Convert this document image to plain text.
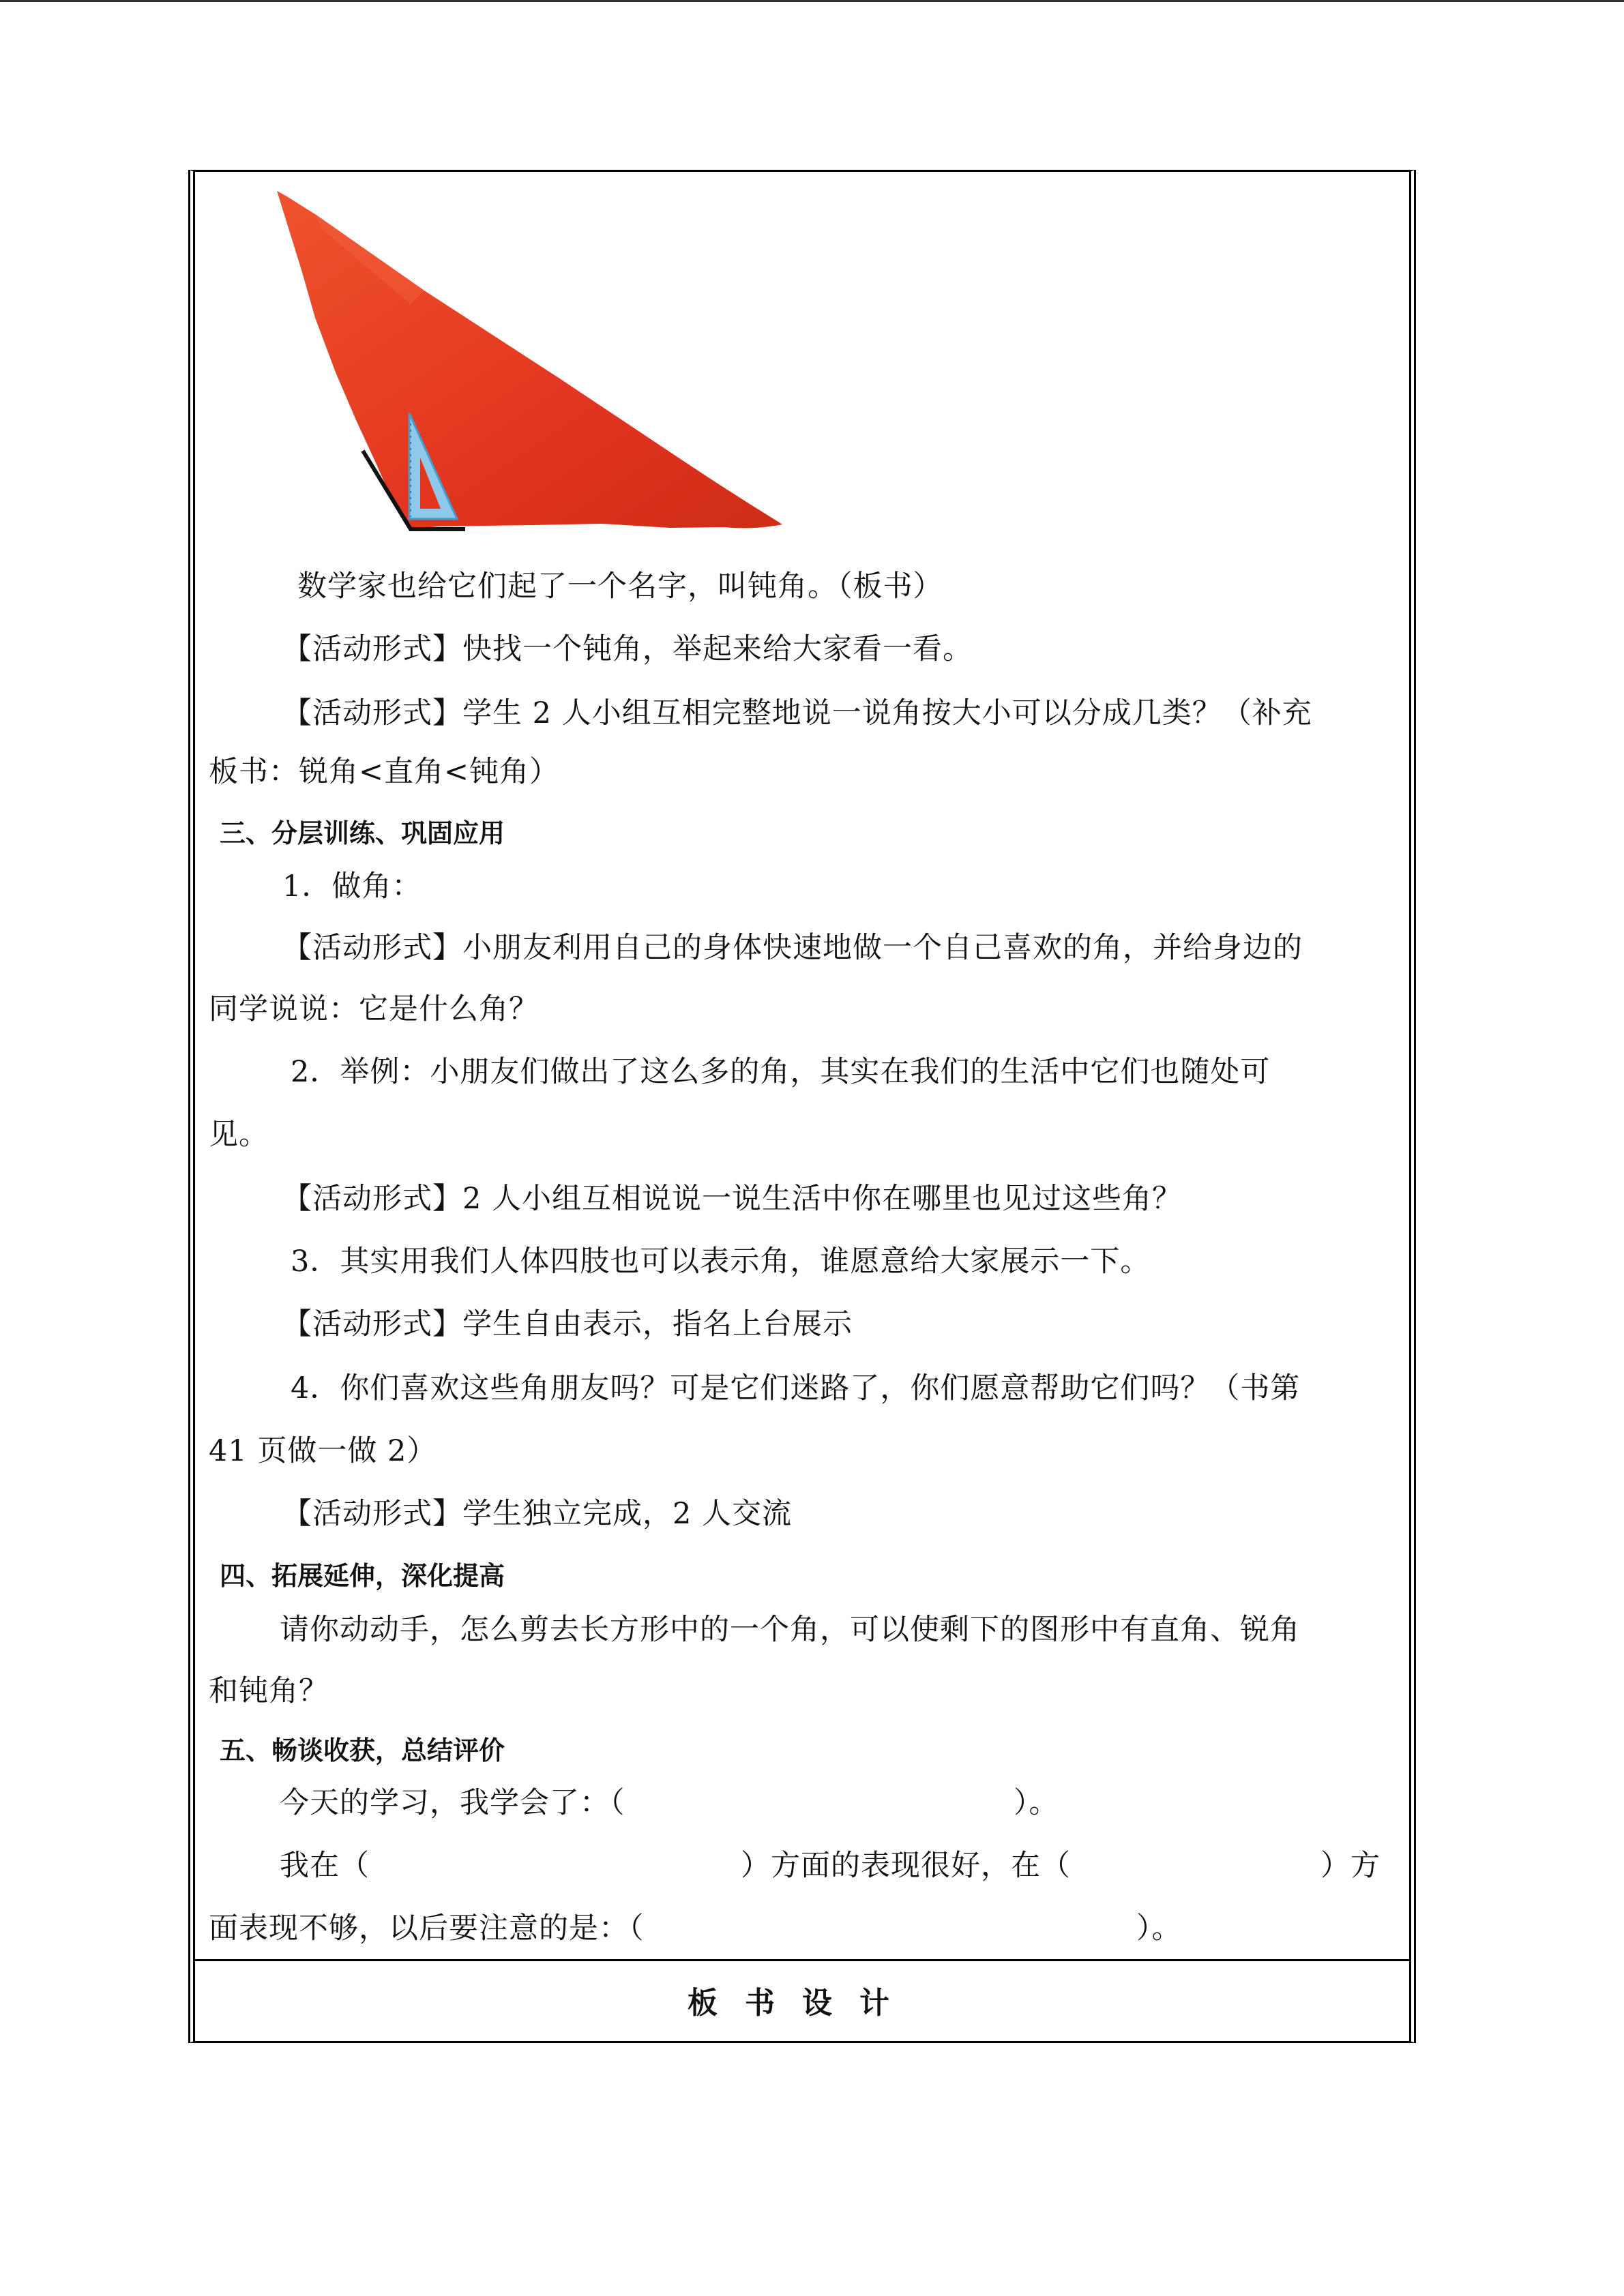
数学家也给它们起了一个名字，叫钝角。（板书）
【活动形式】快找一个钝角，举起来给大家看一看。
【活动形式】学生 2 人小组互相完整地说一说角按大小可以分成几类？（补充
板书：锐角<直角<钝角）
三、分层训练、巩固应用
1．做角：
【活动形式】小朋友利用自己的身体快速地做一个自己喜欢的角，并给身边的
同学说说：它是什么角？
2．举例：小朋友们做出了这么多的角，其实在我们的生活中它们也随处可
见。
【活动形式】2 人小组互相说说一说生活中你在哪里也见过这些角？
3．其实用我们人体四肢也可以表示角，谁愿意给大家展示一下。
【活动形式】学生自由表示，指名上台展示
4．你们喜欢这些角朋友吗？可是它们迷路了，你们愿意帮助它们吗？（书第
41 页做一做 2）
【活动形式】学生独立完成，2 人交流
四、拓展延伸，深化提高
请你动动手，怎么剪去长方形中的一个角，可以使剩下的图形中有直角、锐角
和钝角？
五、畅谈收获，总结评价
今天的学习，我学会了：（	）。
我在（	）方面的表现很好，在（	）方
面表现不够，以后要注意的是：（	）。
板书设计
